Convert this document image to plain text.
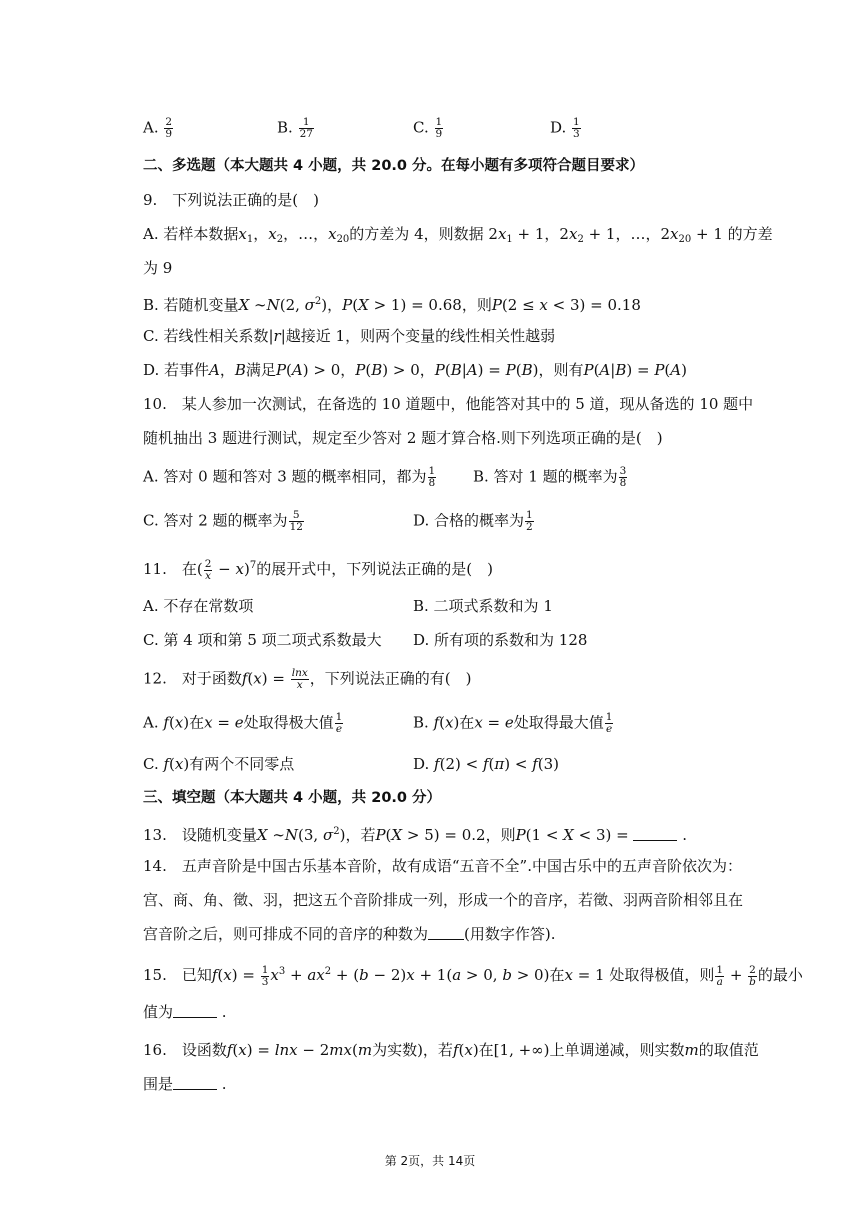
A. $\frac{2}{9}$	B. $\frac{1}{27}$	C. $\frac{1}{9}$	D. $\frac{1}{3}$
二、多选题（本大题共 4 小题，共 20.0 分。在每小题有多项符合题目要求）
9.　下列说法正确的是(　)
A. 若样本数据$x_1$，$x_2$，…，$x_{20}$的方差为 4，则数据 $2x_1 + 1$，$2x_2 + 1$，…，$2x_{20} + 1$ 的方差
为 9
B. 若随机变量X ∼N(2, $\sigma^2$)，P(X > 1) = 0.68，则P(2 ≤ x < 3) = 0.18
C. 若线性相关系数|r|越接近 1，则两个变量的线性相关性越弱
D. 若事件A，B满足P(A) > 0，P(B) > 0，P(B|A) = P(B)，则有P(A|B) = P(A)
10.　某人参加一次测试，在备选的 10 道题中，他能答对其中的 5 道，现从备选的 10 题中
随机抽出 3 题进行测试，规定至少答对 2 题才算合格.则下列选项正确的是(　)
A. 答对 0 题和答对 3 题的概率相同，都为 $\frac{1}{8} B$. 答对 1 题的概率为 $\frac{3}{8}$
C. 答对 2 题的概率为 $\frac{5}{12}$	D. 合格的概率为 $\frac{1}{2}$
11.　在( $\frac{2}{x} - x)^7$的展开式中，下列说法正确的是(　)
A. 不存在常数项	B. 二项式系数和为 1
C. 第 4 项和第 5 项二项式系数最大 D. 所有项的系数和为 128
12.　对于函数$f(x) = \frac{\ln x}{x}$ ，下列说法正确的有(　)
A. f(x)在x = e处取得极大值 $\frac{1}{e}$	B. f(x)在x = e处取得最大值 $\frac{1}{e}$
C. f(x)有两个不同零点	D. f(2) < f(π) < f(3)
三、填空题（本大题共 4 小题，共 20.0 分）
13.　设随机变量X ∼N(3, $\sigma^2$)，若P(X > 5) = 0.2，则P(1 < X < 3) =	.
14.　五声音阶是中国古乐基本音阶，故有成语“五音不全”.中国古乐中的五声音阶依次为：
宫、商、角、徵、羽，把这五个音阶排成一列，形成一个的音序，若徵、羽两音阶相邻且在
宫音阶之后，则可排成不同的音序的种数为 (用数字作答).
15.　已知$f(x) = \frac{1}{3} x^3 + ax^2 + (b - 2)x + 1(a > 0$, b > 0)在x = 1 处取得极值，则 $\frac{1}{a} + \frac{2}{b}$ 的最小
值为	.
16.　设函数f(x) = lnx − 2mx(m为实数)，若f(x)在[1, +∞)上单调递减，则实数m的取值范
围是	.
第 2页，共 14页
